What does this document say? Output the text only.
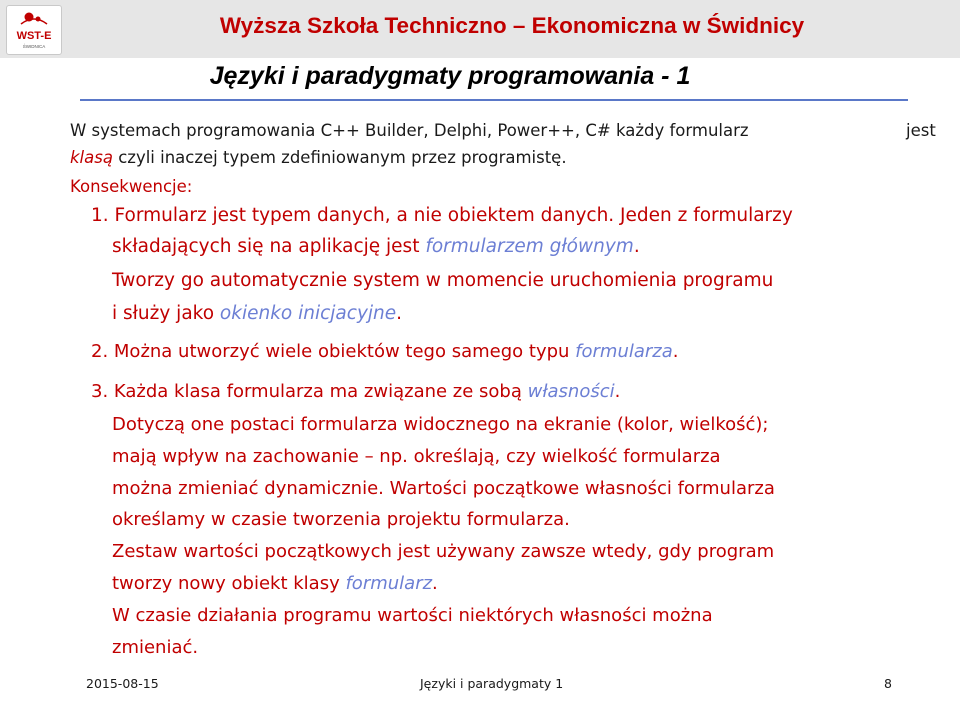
WST-E
ŚWIDNICA
Wyższa Szkoła Techniczno – Ekonomiczna w Świdnicy
Języki i paradygmaty programowania - 1
W systemach programowania C++ Builder, Delphi, Power++, C# każdy formularz	jest
klasą czyli inaczej typem zdefiniowanym przez programistę.
Konsekwencje:
1. Formularz jest typem danych, a nie obiektem danych. Jeden z formularzy
składających się na aplikację jest formularzem głównym.
Tworzy go automatycznie system w momencie uruchomienia programu
i służy jako okienko inicjacyjne.
2. Można utworzyć wiele obiektów tego samego typu formularza.
3. Każda klasa formularza ma związane ze sobą własności.
Dotyczą one postaci formularza widocznego na ekranie (kolor, wielkość);
mają wpływ na zachowanie – np. określają, czy wielkość formularza
można zmieniać dynamicznie. Wartości początkowe własności formularza
określamy w czasie tworzenia projektu formularza.
Zestaw wartości początkowych jest używany zawsze wtedy, gdy program
tworzy nowy obiekt klasy formularz.
W czasie działania programu wartości niektórych własności można
zmieniać.
2015-08-15	Języki i paradygmaty 1	8
